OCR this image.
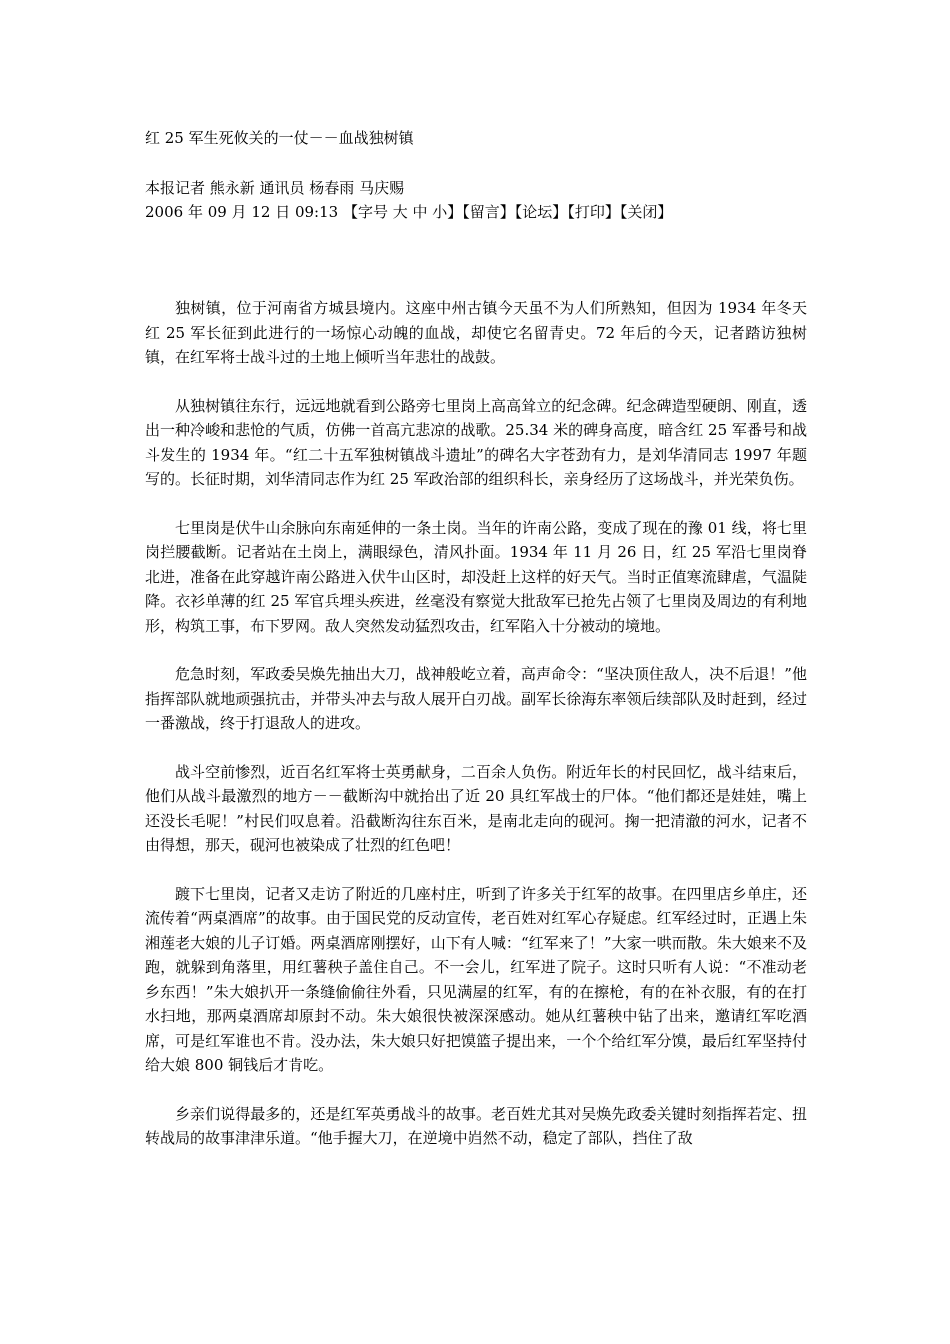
红 25 军生死攸关的一仗－－血战独树镇
本报记者 熊永新 通讯员 杨春雨 马庆赐
2006 年 09 月 12 日 09:13 【字号 大 中 小】【留言】【论坛】【打印】【关闭】

独树镇，位于河南省方城县境内。这座中州古镇今天虽不为人们所熟知，但因为 1934 年冬天红 25 军长征到此进行的一场惊心动魄的血战，却使它名留青史。72 年后的今天，记者踏访独树镇，在红军将士战斗过的土地上倾听当年悲壮的战鼓。

从独树镇往东行，远远地就看到公路旁七里岗上高高耸立的纪念碑。纪念碑造型硬朗、刚直，透出一种冷峻和悲怆的气质，仿佛一首高亢悲凉的战歌。25.34 米的碑身高度，暗含红 25 军番号和战斗发生的 1934 年。“红二十五军独树镇战斗遗址”的碑名大字苍劲有力，是刘华清同志 1997 年题写的。长征时期，刘华清同志作为红 25 军政治部的组织科长，亲身经历了这场战斗，并光荣负伤。

七里岗是伏牛山余脉向东南延伸的一条土岗。当年的许南公路，变成了现在的豫 01 线，将七里岗拦腰截断。记者站在土岗上，满眼绿色，清风扑面。1934 年 11 月 26 日，红 25 军沿七里岗脊北进，准备在此穿越许南公路进入伏牛山区时，却没赶上这样的好天气。当时正值寒流肆虐，气温陡降。衣衫单薄的红 25 军官兵埋头疾进，丝毫没有察觉大批敌军已抢先占领了七里岗及周边的有利地形，构筑工事，布下罗网。敌人突然发动猛烈攻击，红军陷入十分被动的境地。

危急时刻，军政委吴焕先抽出大刀，战神般屹立着，高声命令：“坚决顶住敌人，决不后退！”他指挥部队就地顽强抗击，并带头冲去与敌人展开白刃战。副军长徐海东率领后续部队及时赶到，经过一番激战，终于打退敌人的进攻。

战斗空前惨烈，近百名红军将士英勇献身，二百余人负伤。附近年长的村民回忆，战斗结束后，他们从战斗最激烈的地方－－截断沟中就抬出了近 20 具红军战士的尸体。“他们都还是娃娃，嘴上还没长毛呢！”村民们叹息着。沿截断沟往东百米，是南北走向的砚河。掬一把清澈的河水，记者不由得想，那天，砚河也被染成了壮烈的红色吧！

踱下七里岗，记者又走访了附近的几座村庄，听到了许多关于红军的故事。在四里店乡单庄，还流传着“两桌酒席”的故事。由于国民党的反动宣传，老百姓对红军心存疑虑。红军经过时，正遇上朱湘莲老大娘的儿子订婚。两桌酒席刚摆好，山下有人喊：“红军来了！”大家一哄而散。朱大娘来不及跑，就躲到角落里，用红薯秧子盖住自己。不一会儿，红军进了院子。这时只听有人说：“不准动老乡东西！”朱大娘扒开一条缝偷偷往外看，只见满屋的红军，有的在擦枪，有的在补衣服，有的在打水扫地，那两桌酒席却原封不动。朱大娘很快被深深感动。她从红薯秧中钻了出来，邀请红军吃酒席，可是红军谁也不肯。没办法，朱大娘只好把馍篮子提出来，一个个给红军分馍，最后红军坚持付给大娘 800 铜钱后才肯吃。

乡亲们说得最多的，还是红军英勇战斗的故事。老百姓尤其对吴焕先政委关键时刻指挥若定、扭转战局的故事津津乐道。“他手握大刀，在逆境中岿然不动，稳定了部队，挡住了敌
